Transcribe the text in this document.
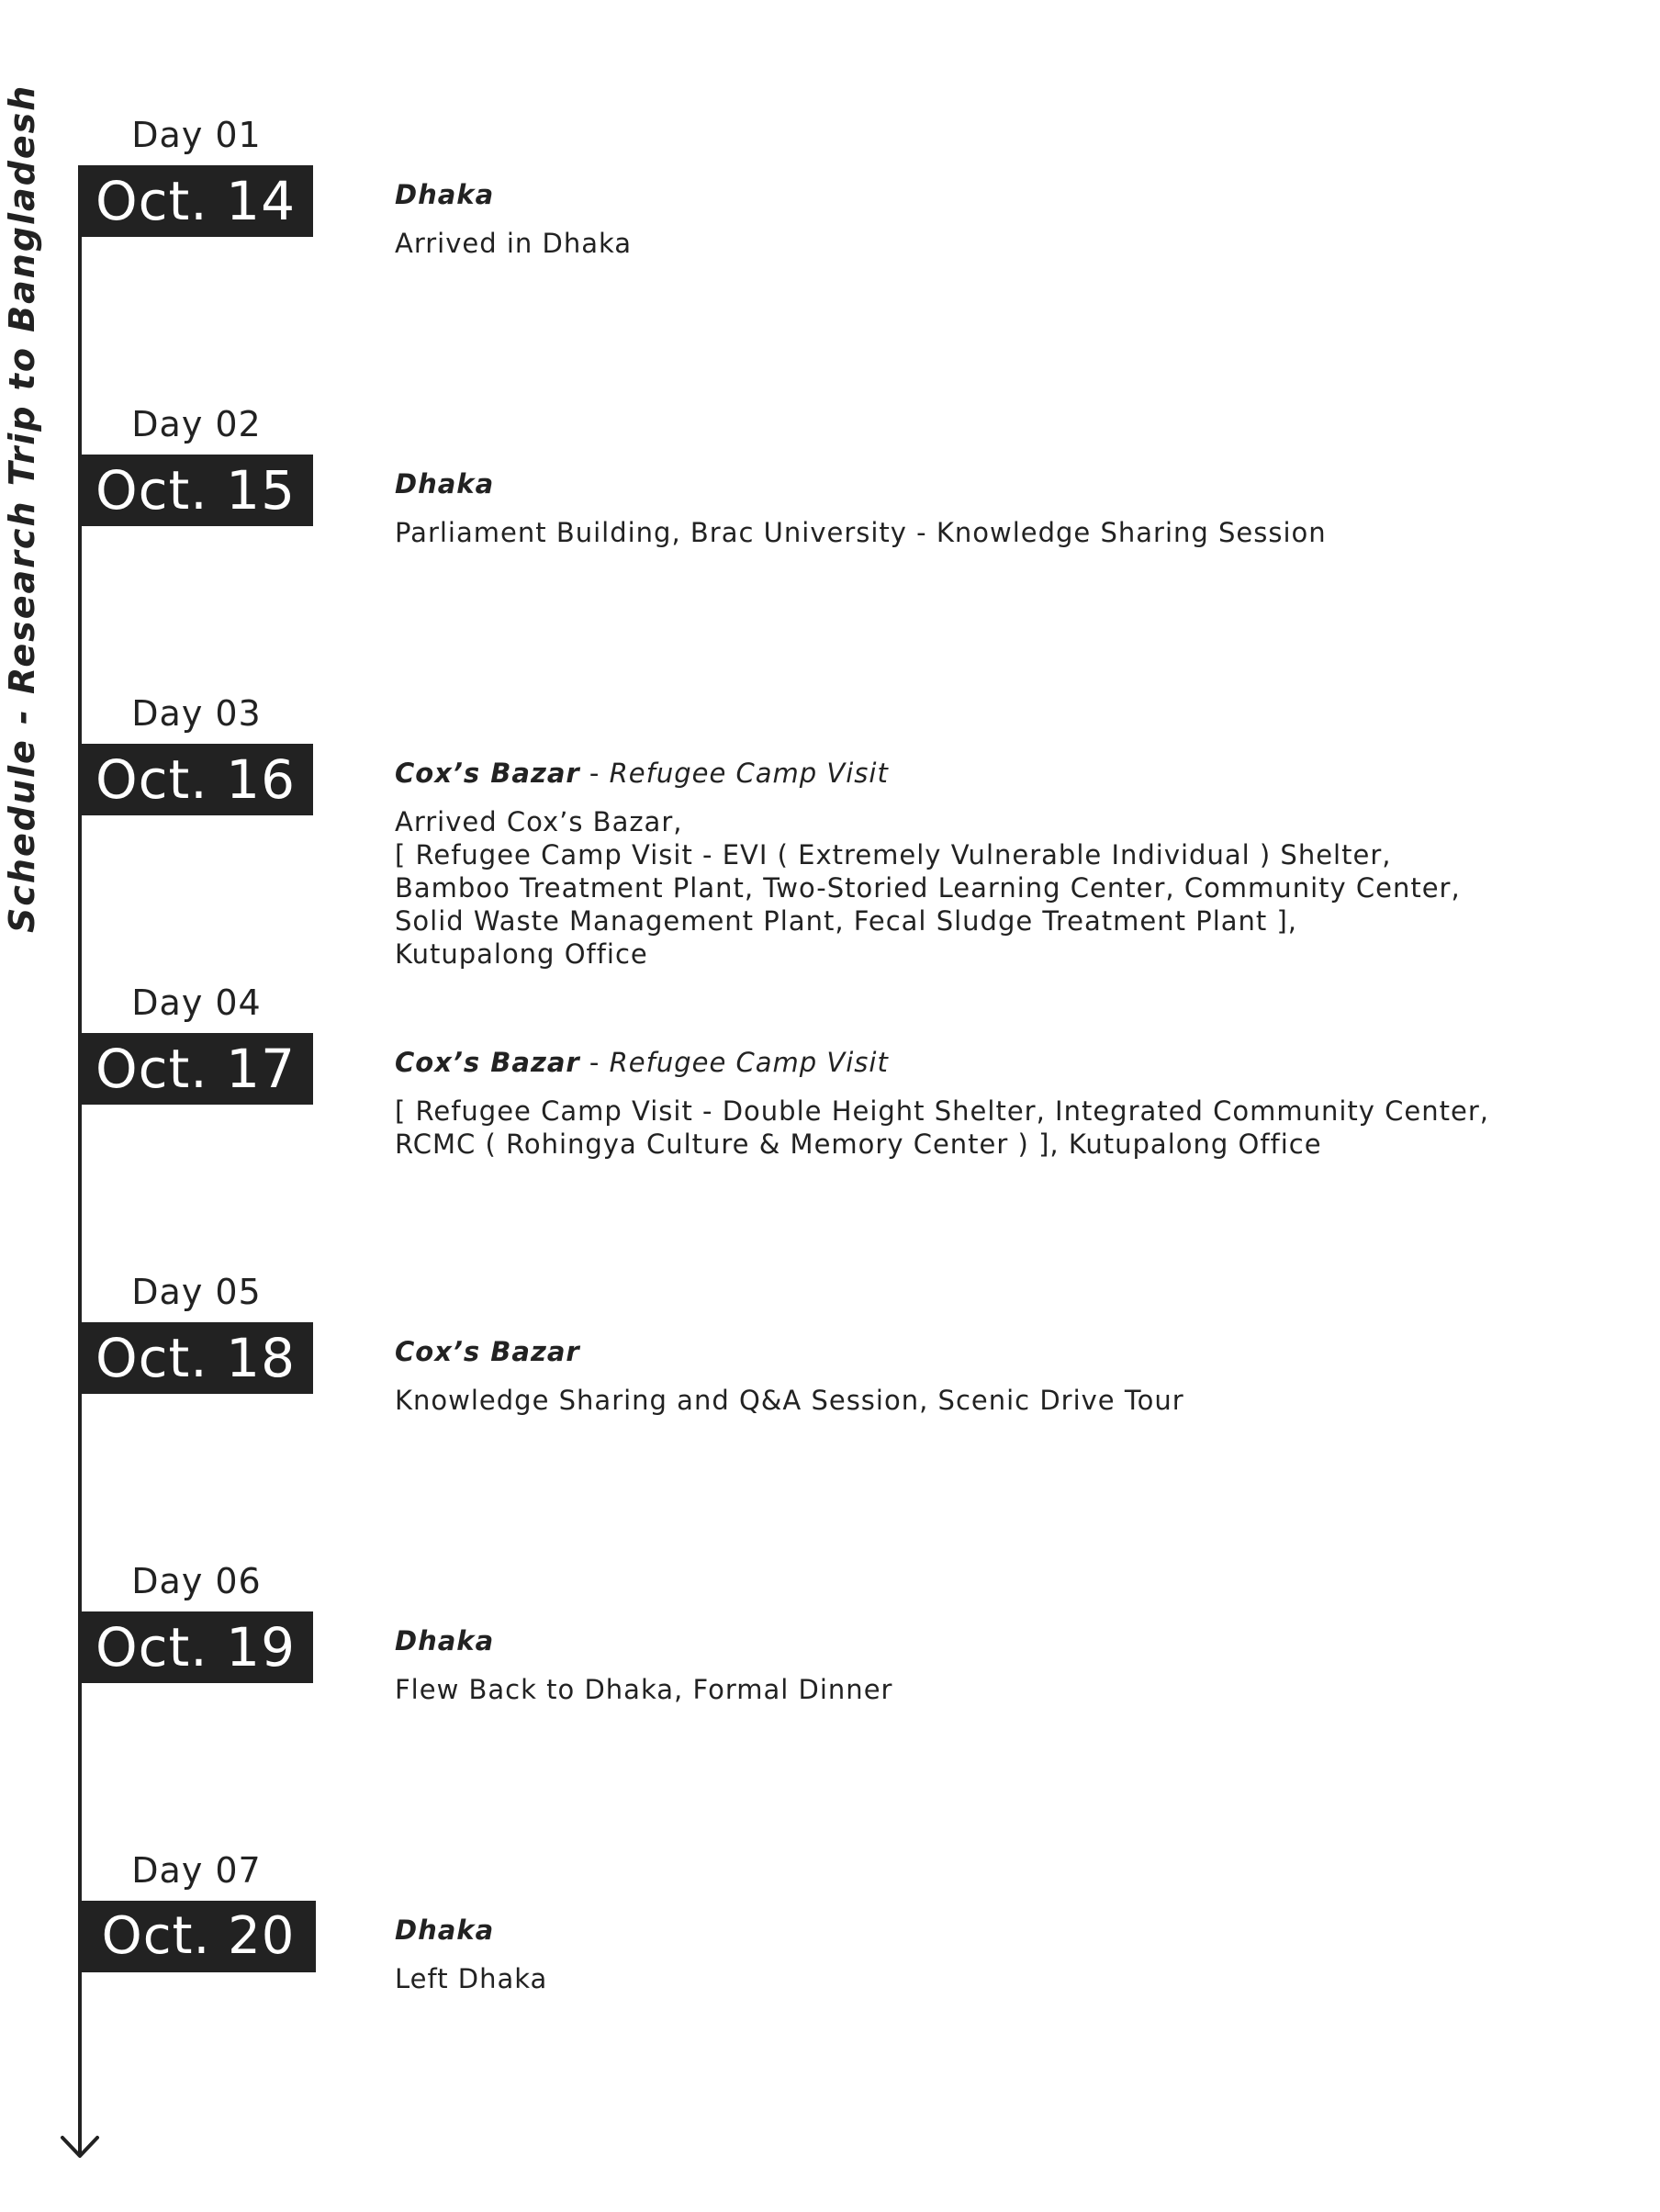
Schedule - Research Trip to Bangladesh	Day 01
Oct. 14	Dhaka
Arrived in Dhaka
Day 02
Oct. 15	Dhaka
Parliament Building, Brac University - Knowledge Sharing Session
Day 03
Oct. 16	Cox’s Bazar - Refugee Camp Visit
Arrived Cox’s Bazar,
[ Refugee Camp Visit - EVI ( Extremely Vulnerable Individual ) Shelter,
Bamboo Treatment Plant, Two-Storied Learning Center, Community Center,
Solid Waste Management Plant, Fecal Sludge Treatment Plant ],
Kutupalong Office
Day 04
Oct. 17	Cox’s Bazar - Refugee Camp Visit
[ Refugee Camp Visit - Double Height Shelter, Integrated Community Center,
RCMC ( Rohingya Culture & Memory Center ) ], Kutupalong Office
Day 05
Oct. 18	Cox’s Bazar
Knowledge Sharing and Q&A Session, Scenic Drive Tour
Day 06
Oct. 19	Dhaka
Flew Back to Dhaka, Formal Dinner
Day 07
Oct. 20	Dhaka
Left Dhaka
